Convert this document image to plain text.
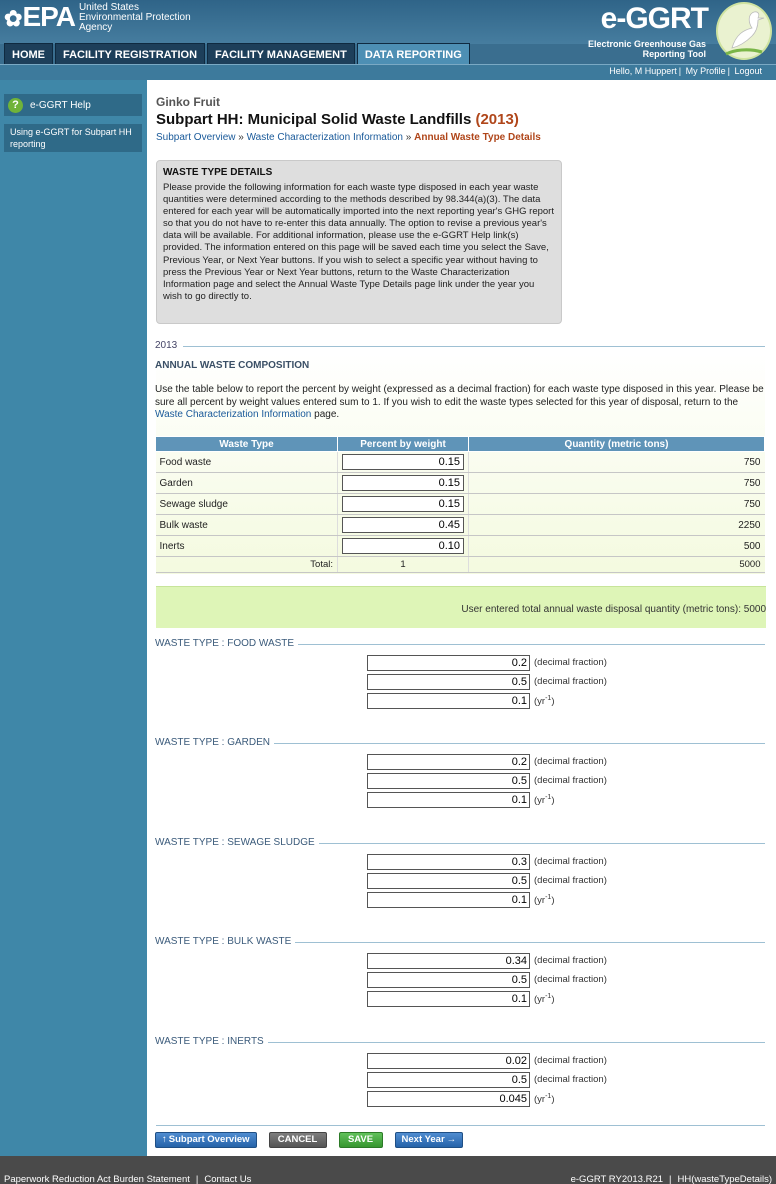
✿EPA United States
Environmental Protection
Agency	e-GGRT
Electronic Greenhouse Gas
Reporting Tool
HOME	FACILITY REGISTRATION	FACILITY MANAGEMENT	DATA REPORTING
Hello, M Huppert | My Profile | Logout
?	e-GGRT Help
Using e-GGRT for Subpart HH reporting
Ginko Fruit
Subpart HH: Municipal Solid Waste Landfills (2013)
Subpart Overview » Waste Characterization Information » Annual Waste Type Details
WASTE TYPE DETAILS

Please provide the following information for each waste type disposed in each year waste quantities were determined according to the methods described by 98.344(a)(3). The data entered for each year will be automatically imported into the next reporting year's GHG report so that you do not have to re-enter this data annually. The option to revise a previous year's data will be available. For additional information, please use the e-GGRT Help link(s) provided. The information entered on this page will be saved each time you select the Save, Previous Year, or Next Year buttons. If you wish to select a specific year without having to press the Previous Year or Next Year buttons, return to the Waste Characterization Information page and select the Annual Waste Type Details page link under the year you wish to go directly to.

2013
ANNUAL WASTE COMPOSITION
Use the table below to report the percent by weight (expressed as a decimal fraction) for each waste type disposed in this year. Please be sure all percent by weight values entered sum to 1. If you wish to edit the waste types selected for this year of disposal, return to the Waste Characterization Information page.
Waste Type	Percent by weight	Quantity (metric tons)
Food waste	0.15	750
Garden	0.15	750
Sewage sludge	0.15	750
Bulk waste	0.45	2250
Inerts	0.10	500
Total:	1	5000
User entered total annual waste disposal quantity (metric tons): 5000
WASTE TYPE : FOOD WASTE
0.2
(decimal fraction)
0.5
(decimal fraction)
0.1
$(yr^{-1})$
WASTE TYPE : GARDEN
0.2
(decimal fraction)
0.5
(decimal fraction)
0.1
$(yr^{-1})$
WASTE TYPE : SEWAGE SLUDGE
0.3
(decimal fraction)
0.5
(decimal fraction)
0.1
$(yr^{-1})$
WASTE TYPE : BULK WASTE
0.34
(decimal fraction)
0.5
(decimal fraction)
0.1
$(yr^{-1})$
WASTE TYPE : INERTS
0.02
(decimal fraction)
0.5
(decimal fraction)
0.045
$(yr^{-1})$
↑ Subpart Overview	CANCEL	SAVE	Next Year →
Paperwork Reduction Act Burden Statement | Contact Us	e-GGRT RY2013.R21 | HH(wasteTypeDetails)
